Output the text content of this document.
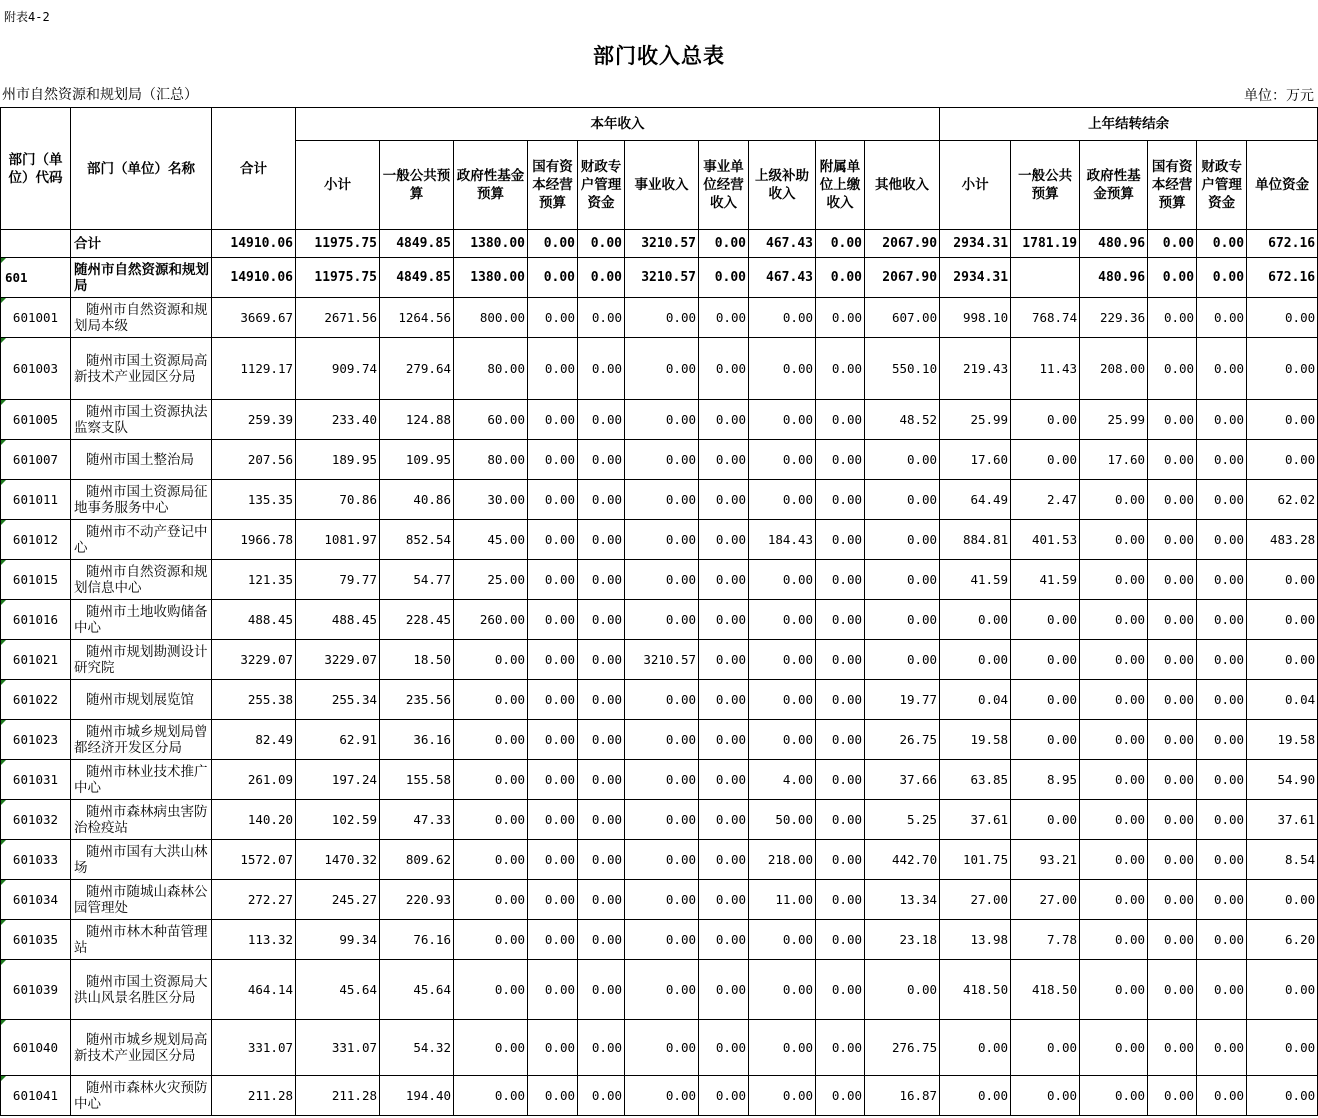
附表4-2
部门收入总表
州市自然资源和规划局（汇总）	单位：万元
部门（单位）代码	部门（单位）名称	合计	本年收入										上年结转结余					
			小计	一般公共预算	政府性基金预算	国有资本经营预算	财政专户管理资金	事业收入	事业单位经营收入	上级补助收入	附属单位上缴收入	其他收入	小计	一般公共预算	政府性基金预算	国有资本经营预算	财政专户管理资金	单位资金
	合计	14910.06	11975.75	4849.85	1380.00	0.00	0.00	3210.57	0.00	467.43	0.00	2067.90	2934.31	1781.19	480.96	0.00	0.00	672.16
601	随州市自然资源和规划局	14910.06	11975.75	4849.85	1380.00	0.00	0.00	3210.57	0.00	467.43	0.00	2067.90	2934.31		480.96	0.00	0.00	672.16
601001	随州市自然资源和规划局本级	3669.67	2671.56	1264.56	800.00	0.00	0.00	0.00	0.00	0.00	0.00	607.00	998.10	768.74	229.36	0.00	0.00	0.00
601003	随州市国土资源局高新技术产业园区分局	1129.17	909.74	279.64	80.00	0.00	0.00	0.00	0.00	0.00	0.00	550.10	219.43	11.43	208.00	0.00	0.00	0.00
601005	随州市国土资源执法监察支队	259.39	233.40	124.88	60.00	0.00	0.00	0.00	0.00	0.00	0.00	48.52	25.99	0.00	25.99	0.00	0.00	0.00
601007	随州市国土整治局	207.56	189.95	109.95	80.00	0.00	0.00	0.00	0.00	0.00	0.00	0.00	17.60	0.00	17.60	0.00	0.00	0.00
601011	随州市国土资源局征地事务服务中心	135.35	70.86	40.86	30.00	0.00	0.00	0.00	0.00	0.00	0.00	0.00	64.49	2.47	0.00	0.00	0.00	62.02
601012	随州市不动产登记中心	1966.78	1081.97	852.54	45.00	0.00	0.00	0.00	0.00	184.43	0.00	0.00	884.81	401.53	0.00	0.00	0.00	483.28
601015	随州市自然资源和规划信息中心	121.35	79.77	54.77	25.00	0.00	0.00	0.00	0.00	0.00	0.00	0.00	41.59	41.59	0.00	0.00	0.00	0.00
601016	随州市土地收购储备中心	488.45	488.45	228.45	260.00	0.00	0.00	0.00	0.00	0.00	0.00	0.00	0.00	0.00	0.00	0.00	0.00	0.00
601021	随州市规划勘测设计研究院	3229.07	3229.07	18.50	0.00	0.00	0.00	3210.57	0.00	0.00	0.00	0.00	0.00	0.00	0.00	0.00	0.00	0.00
601022	随州市规划展览馆	255.38	255.34	235.56	0.00	0.00	0.00	0.00	0.00	0.00	0.00	19.77	0.04	0.00	0.00	0.00	0.00	0.04
601023	随州市城乡规划局曾都经济开发区分局	82.49	62.91	36.16	0.00	0.00	0.00	0.00	0.00	0.00	0.00	26.75	19.58	0.00	0.00	0.00	0.00	19.58
601031	随州市林业技术推广中心	261.09	197.24	155.58	0.00	0.00	0.00	0.00	0.00	4.00	0.00	37.66	63.85	8.95	0.00	0.00	0.00	54.90
601032	随州市森林病虫害防治检疫站	140.20	102.59	47.33	0.00	0.00	0.00	0.00	0.00	50.00	0.00	5.25	37.61	0.00	0.00	0.00	0.00	37.61
601033	随州市国有大洪山林场	1572.07	1470.32	809.62	0.00	0.00	0.00	0.00	0.00	218.00	0.00	442.70	101.75	93.21	0.00	0.00	0.00	8.54
601034	随州市随城山森林公园管理处	272.27	245.27	220.93	0.00	0.00	0.00	0.00	0.00	11.00	0.00	13.34	27.00	27.00	0.00	0.00	0.00	0.00
601035	随州市林木种苗管理站	113.32	99.34	76.16	0.00	0.00	0.00	0.00	0.00	0.00	0.00	23.18	13.98	7.78	0.00	0.00	0.00	6.20
601039	随州市国土资源局大洪山风景名胜区分局	464.14	45.64	45.64	0.00	0.00	0.00	0.00	0.00	0.00	0.00	0.00	418.50	418.50	0.00	0.00	0.00	0.00
601040	随州市城乡规划局高新技术产业园区分局	331.07	331.07	54.32	0.00	0.00	0.00	0.00	0.00	0.00	0.00	276.75	0.00	0.00	0.00	0.00	0.00	0.00
601041	随州市森林火灾预防中心	211.28	211.28	194.40	0.00	0.00	0.00	0.00	0.00	0.00	0.00	16.87	0.00	0.00	0.00	0.00	0.00	0.00
